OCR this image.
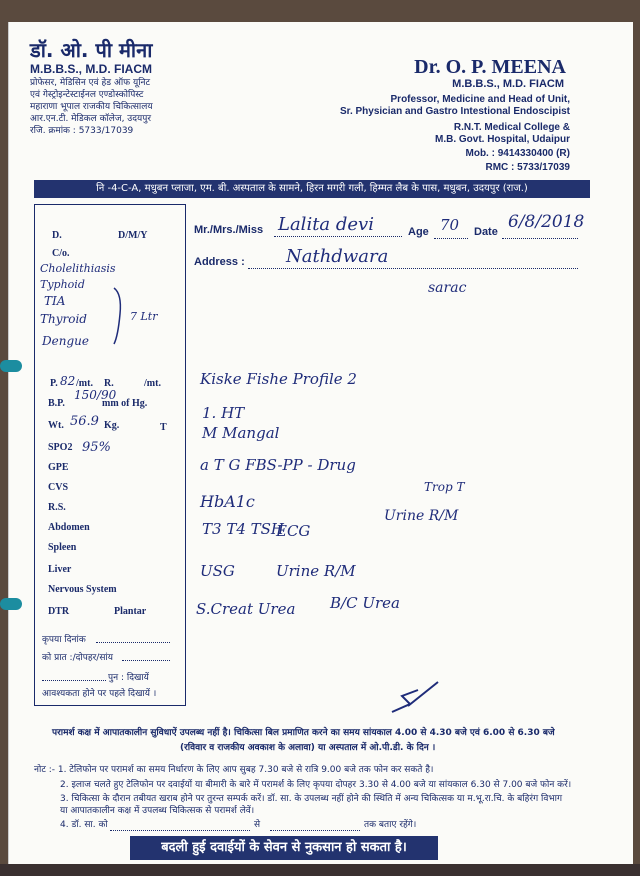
डॉ. ओ. पी मीना
M.B.B.S., M.D. FIACM
प्रोफेसर, मेडिसिन एवं हेड ऑफ यूनिट
एवं गेस्ट्रोइन्टेस्टाईनल एण्डोस्कोपिस्ट
महाराणा भूपाल राजकीय चिकित्सालय
आर.एन.टी. मेडिकल कॉलेज, उदयपुर
रजि. क्रमांक : 5733/17039
Dr. O. P. MEENA
M.B.B.S., M.D. FIACM
Professor, Medicine and Head of Unit,
Sr. Physician and Gastro Intestional Endoscipist
R.N.T. Medical College &
M.B. Govt. Hospital, Udaipur
Mob. : 9414330400 (R)
RMC : 5733/17039
नि -4-C-A, मधुबन प्लाजा, एम. बी. अस्पताल के सामने, हिरन मगरी गली, हिम्मत लैब के पास, मधुबन, उदयपुर (राज.)
Mr./Mrs./Miss	Age	Date
Address :
Lalita devi	70	6/8/2018
Nathdwara
sarac
D.	D/M/Y
C/o.
Cholelithiasis
Typhoid
TIA
Thyroid
Dengue
7 Ltr
P. 82 /mt. R.	/mt.
B.P.
150/90
mm of Hg.
Wt. 56.9 Kg.	T
SPO2 95%
GPE
CVS
R.S.
Abdomen
Spleen
Liver
Nervous System
DTR	Plantar
कृपया दिनांक
को प्रात :/दोपहर/सांय
पुन : दिखायें
आवश्यकता होने पर पहले दिखायें ।
Kiske Fishe Profile 2
1. HT
M Mangal
a T G FBS-PP - Drug
HbA1c
T3 T4 TSH
ECG
USG	Urine R/M
S.Creat Urea B/C Urea
Trop T
Urine R/M
परामर्श कक्ष में आपातकालीन सुविधाऐं उपलब्ध नहीं है। चिकित्सा बिल प्रमाणित करने का समय सांयकाल 4.00 से 4.30 बजे एवं 6.00 से 6.30 बजे
(रविवार व राजकीय अवकाश के अलावा) या अस्पताल में ओ.पी.डी. के दिन ।
नोट :- 1. टेलिफोन पर परामर्श का समय निर्धारण के लिए आप सुबह 7.30 बजे से रात्रि 9.00 बजे तक फोन कर सकते है।
2. इलाज चलते हुए टेलिफोन पर दवाईयों या बीमारी के बारे में परामर्श के लिए कृपया दोपहर 3.30 से 4.00 बजे या सांयकाल 6.30 से 7.00 बजे फोन करें।
3. चिकित्सा के दौरान तबीयत खराब होने पर तुरन्त सम्पर्क करें। डॉ. सा. के उपलब्ध नहीं होने की स्थिति में अन्य चिकित्सक या म.भू.रा.चि. के बहिरंग विभाग
या आपातकालीन कक्ष में उपलब्ध चिकित्सक से परामर्श लेवें।
4. डॉ. सा. को	से	तक बताए रहेंगे।
बदली हुई दवाईयों के सेवन से नुकसान हो सकता है।
